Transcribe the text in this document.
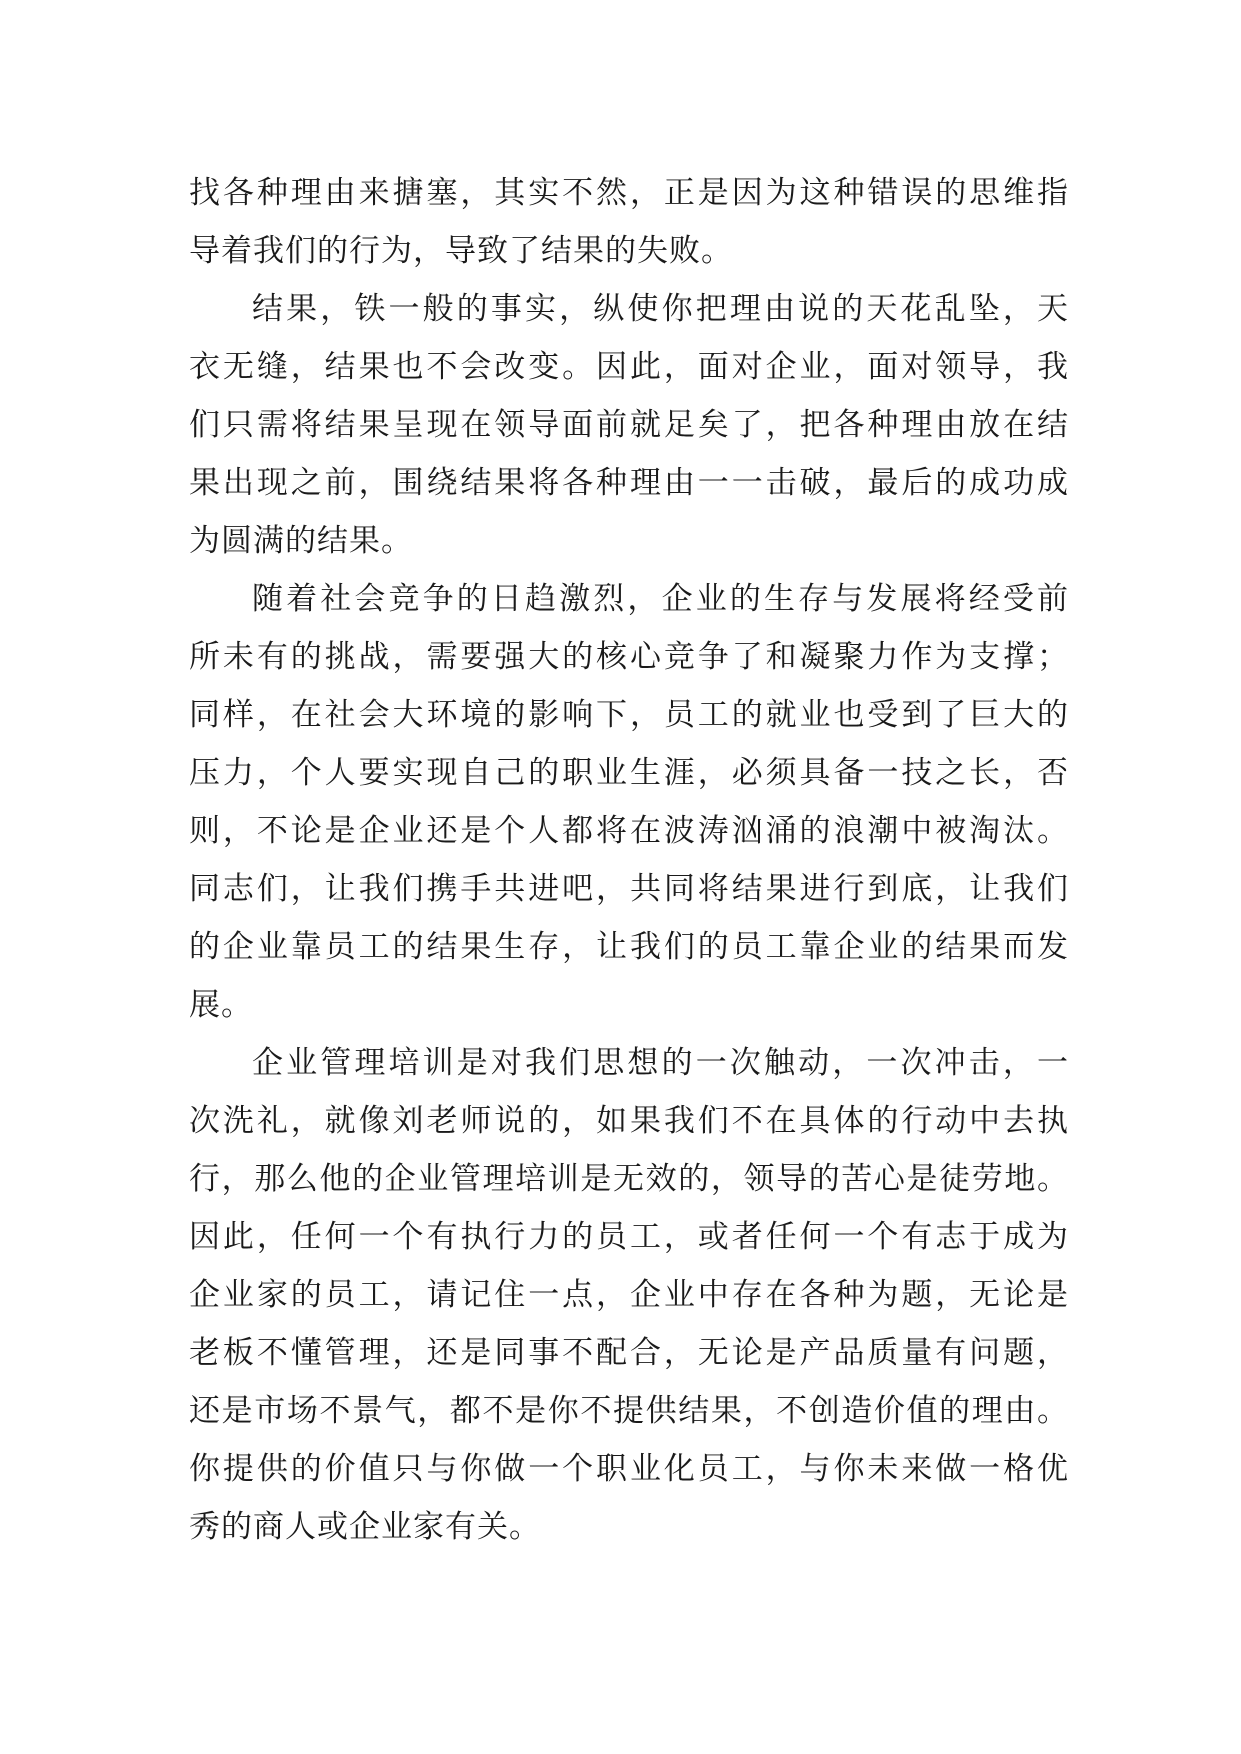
找各种理由来搪塞，其实不然，正是因为这种错误的思维指
导着我们的行为，导致了结果的失败。
结果，铁一般的事实，纵使你把理由说的天花乱坠，天
衣无缝，结果也不会改变。因此，面对企业，面对领导，我
们只需将结果呈现在领导面前就足矣了，把各种理由放在结
果出现之前，围绕结果将各种理由一一击破，最后的成功成
为圆满的结果。
随着社会竞争的日趋激烈，企业的生存与发展将经受前
所未有的挑战，需要强大的核心竞争了和凝聚力作为支撑；
同样，在社会大环境的影响下，员工的就业也受到了巨大的
压力，个人要实现自己的职业生涯，必须具备一技之长，否
则，不论是企业还是个人都将在波涛汹涌的浪潮中被淘汰。
同志们，让我们携手共进吧，共同将结果进行到底，让我们
的企业靠员工的结果生存，让我们的员工靠企业的结果而发
展。
企业管理培训是对我们思想的一次触动，一次冲击，一
次洗礼，就像刘老师说的，如果我们不在具体的行动中去执
行，那么他的企业管理培训是无效的，领导的苦心是徒劳地。
因此，任何一个有执行力的员工，或者任何一个有志于成为
企业家的员工，请记住一点，企业中存在各种为题，无论是
老板不懂管理，还是同事不配合，无论是产品质量有问题，
还是市场不景气，都不是你不提供结果，不创造价值的理由。
你提供的价值只与你做一个职业化员工，与你未来做一格优
秀的商人或企业家有关。
